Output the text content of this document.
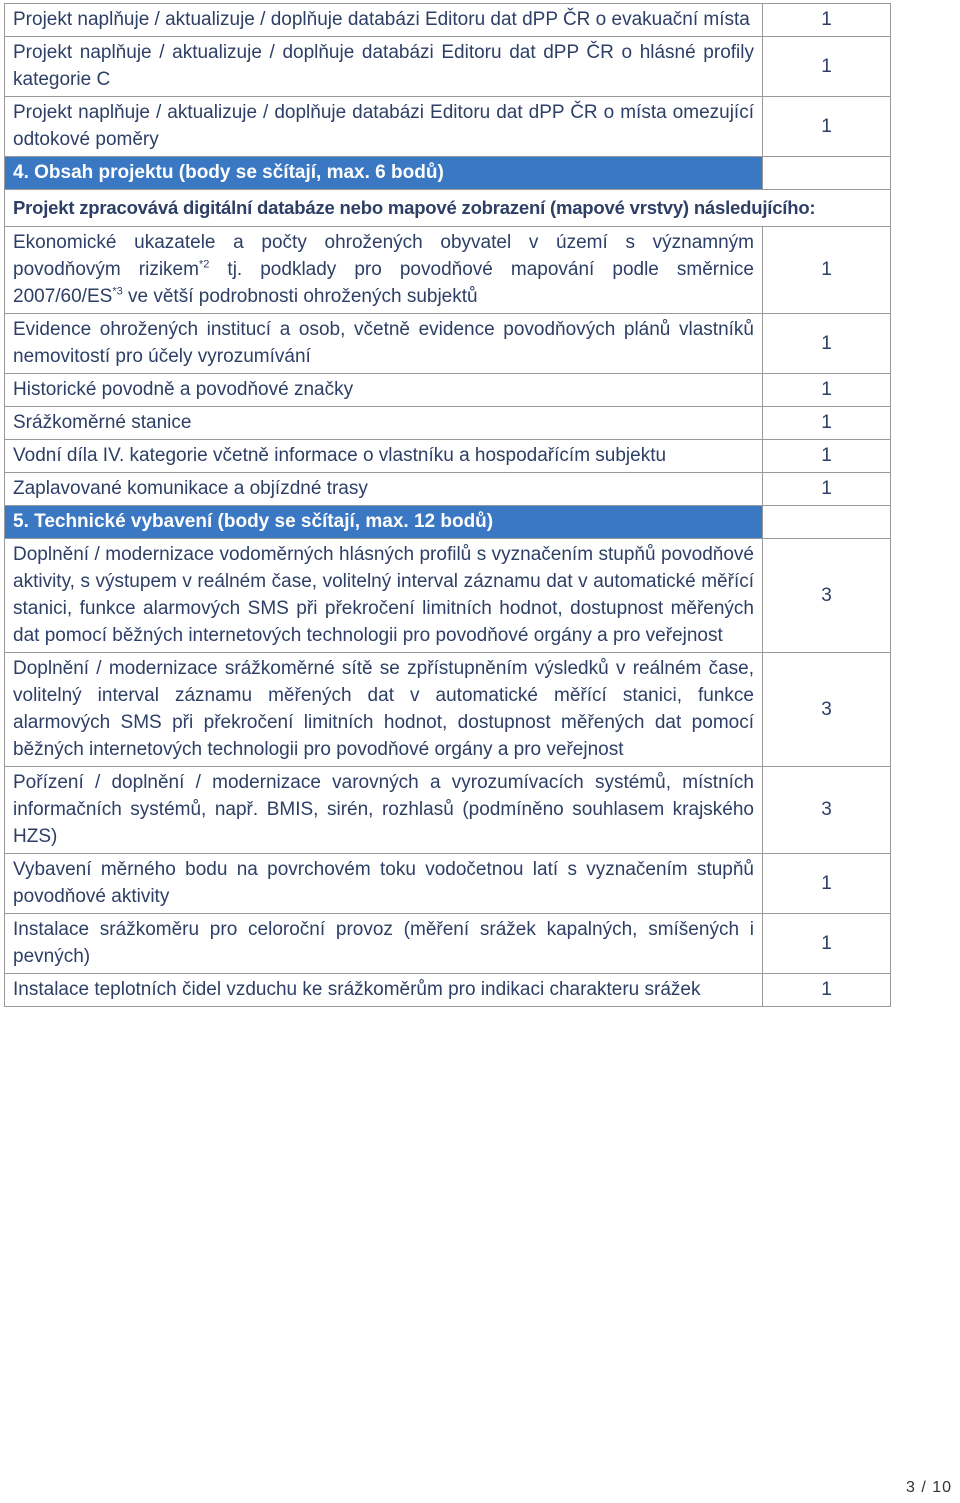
Projekt naplňuje / aktualizuje / doplňuje databázi Editoru dat dPP ČR o evakuační místa	1
Projekt naplňuje / aktualizuje / doplňuje databázi Editoru dat dPP ČR o hlásné profily kategorie C	1
Projekt naplňuje / aktualizuje / doplňuje databázi Editoru dat dPP ČR o místa omezující odtokové poměry	1
4. Obsah projektu (body se sčítají, max. 6 bodů)	
Projekt zpracovává digitální databáze nebo mapové zobrazení (mapové vrstvy) následujícího:	
Ekonomické ukazatele a počty ohrožených obyvatel v území s významným povodňovým rizikem$^{*2}$ tj. podklady pro povodňové mapování podle směrnice 2007/60/ES$^{*3}$ ve větší podrobnosti ohrožených subjektů	1
Evidence ohrožených institucí a osob, včetně evidence povodňových plánů vlastníků nemovitostí pro účely vyrozumívání	1
Historické povodně a povodňové značky	1
Srážkoměrné stanice	1
Vodní díla IV. kategorie včetně informace o vlastníku a hospodařícím subjektu	1
Zaplavované komunikace a objízdné trasy	1
5. Technické vybavení (body se sčítají, max. 12 bodů)	
Doplnění / modernizace vodoměrných hlásných profilů s vyznačením stupňů povodňové aktivity, s výstupem v reálném čase, volitelný interval záznamu dat v automatické měřící stanici, funkce alarmových SMS při překročení limitních hodnot, dostupnost měřených dat pomocí běžných internetových technologii pro povodňové orgány a pro veřejnost	3
Doplnění / modernizace srážkoměrné sítě se zpřístupněním výsledků v reálném čase, volitelný interval záznamu měřených dat v automatické měřící stanici, funkce alarmových SMS při překročení limitních hodnot, dostupnost měřených dat pomocí běžných internetových technologii pro povodňové orgány a pro veřejnost	3
Pořízení / doplnění / modernizace varovných a vyrozumívacích systémů, místních informačních systémů, např. BMIS, sirén, rozhlasů (podmíněno souhlasem krajského HZS)	3
Vybavení měrného bodu na povrchovém toku vodočetnou latí s vyznačením stupňů povodňové aktivity	1
Instalace srážkoměru pro celoroční provoz (měření srážek kapalných, smíšených i pevných)	1
Instalace teplotních čidel vzduchu ke srážkoměrům pro indikaci charakteru srážek	1
3 / 10
